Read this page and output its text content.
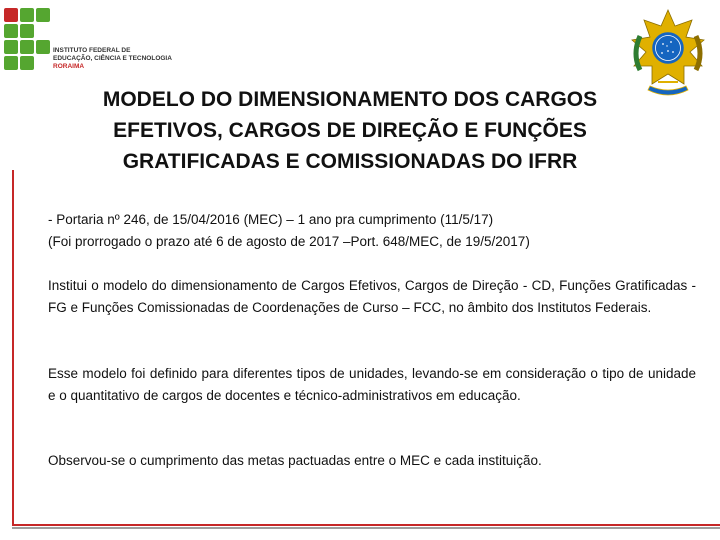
INSTITUTO FEDERAL DE
EDUCAÇÃO, CIÊNCIA E TECNOLOGIA
RORAIMA
MODELO DO DIMENSIONAMENTO DOS CARGOS
EFETIVOS, CARGOS DE DIREÇÃO E FUNÇÕES
GRATIFICADAS E COMISSIONADAS DO IFRR
- Portaria nº 246, de 15/04/2016 (MEC) – 1 ano pra cumprimento (11/5/17)
(Foi prorrogado o prazo até 6 de agosto de 2017 –Port. 648/MEC, de 19/5/2017)
Institui o modelo do dimensionamento de Cargos Efetivos, Cargos de Direção - CD, Funções Gratificadas - FG e Funções Comissionadas de Coordenações de Curso – FCC, no âmbito dos Institutos Federais.
Esse modelo foi definido para diferentes tipos de unidades, levando-se em consideração o tipo de unidade e o quantitativo de cargos de docentes e técnico-administrativos em educação.
Observou-se o cumprimento das metas pactuadas entre o MEC e cada instituição.
